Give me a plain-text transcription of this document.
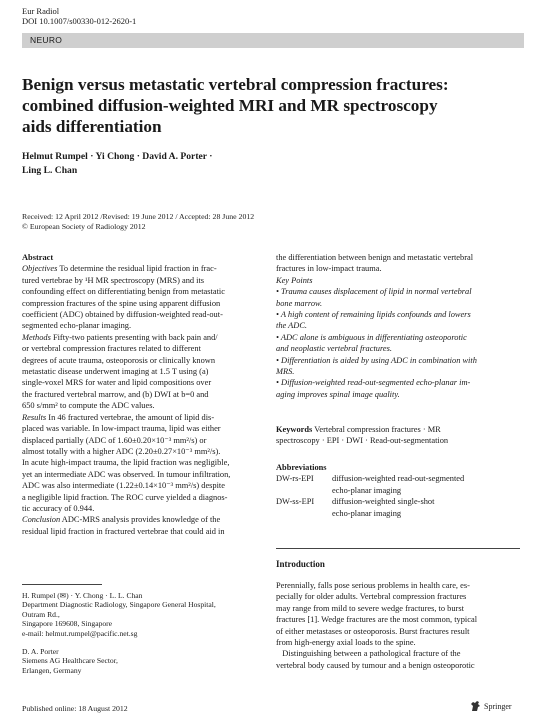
Eur Radiol
DOI 10.1007/s00330-012-2620-1
NEURO
Benign versus metastatic vertebral compression fractures:
combined diffusion-weighted MRI and MR spectroscopy
aids differentiation
Helmut Rumpel · Yi Chong · David A. Porter ·
Ling L. Chan
Received: 12 April 2012 /Revised: 19 June 2012 / Accepted: 28 June 2012
© European Society of Radiology 2012
Abstract
Objectives To determine the residual lipid fraction in frac-
tured vertebrae by ¹H MR spectroscopy (MRS) and its
confounding effect on differentiating benign from metastatic
compression fractures of the spine using apparent diffusion
coefficient (ADC) obtained by diffusion-weighted read-out-
segmented echo-planar imaging.
Methods Fifty-two patients presenting with back pain and/
or vertebral compression fractures related to different
degrees of acute trauma, osteoporosis or clinically known
metastatic disease underwent imaging at 1.5 T using (a)
single-voxel MRS for water and lipid compositions over
the fractured vertebral marrow, and (b) DWI at b=0 and
650 s/mm² to compute the ADC values.
Results In 46 fractured vertebrae, the amount of lipid dis-
placed was variable. In low-impact trauma, lipid was either
displaced partially (ADC of 1.60±0.20×10⁻³ mm²/s) or
almost totally with a higher ADC (2.20±0.27×10⁻³ mm²/s).
In acute high-impact trauma, the lipid fraction was negligible,
yet an intermediate ADC was observed. In tumour infiltration,
ADC was also intermediate (1.22±0.14×10⁻³ mm²/s) despite
a negligible lipid fraction. The ROC curve yielded a diagnos-
tic accuracy of 0.944.
Conclusion ADC-MRS analysis provides knowledge of the
residual lipid fraction in fractured vertebrae that could aid in
the differentiation between benign and metastatic vertebral
fractures in low-impact trauma.
Key Points
• Trauma causes displacement of lipid in normal vertebral
bone marrow.
• A high content of remaining lipids confounds and lowers
the ADC.
• ADC alone is ambiguous in differentiating osteoporotic
and neoplastic vertebral fractures.
• Differentiation is aided by using ADC in combination with
MRS.
• Diffusion-weighted read-out-segmented echo-planar im-
aging improves spinal image quality.
Keywords Vertebral compression fractures · MR
spectroscopy · EPI · DWI · Read-out-segmentation
Abbreviations
DW-rs-EPI	diffusion-weighted read-out-segmented
echo-planar imaging

DW-ss-EPI	diffusion-weighted single-shot
echo-planar imaging
Introduction
Perennially, falls pose serious problems in health care, es-
pecially for older adults. Vertebral compression fractures
may range from mild to severe wedge fractures, to burst
fractures [1]. Wedge fractures are the most common, typical
of either metastases or osteoporosis. Burst fractures result
from high-energy axial loads to the spine.
Distinguishing between a pathological fracture of the
vertebral body caused by tumour and a benign osteoporotic
H. Rumpel (✉) · Y. Chong · L. L. Chan
Department Diagnostic Radiology, Singapore General Hospital,
Outram Rd.,
Singapore 169608, Singapore
e-mail: helmut.rumpel@pacific.net.sg
D. A. Porter
Siemens AG Healthcare Sector,
Erlangen, Germany
Published online: 18 August 2012	Springer
